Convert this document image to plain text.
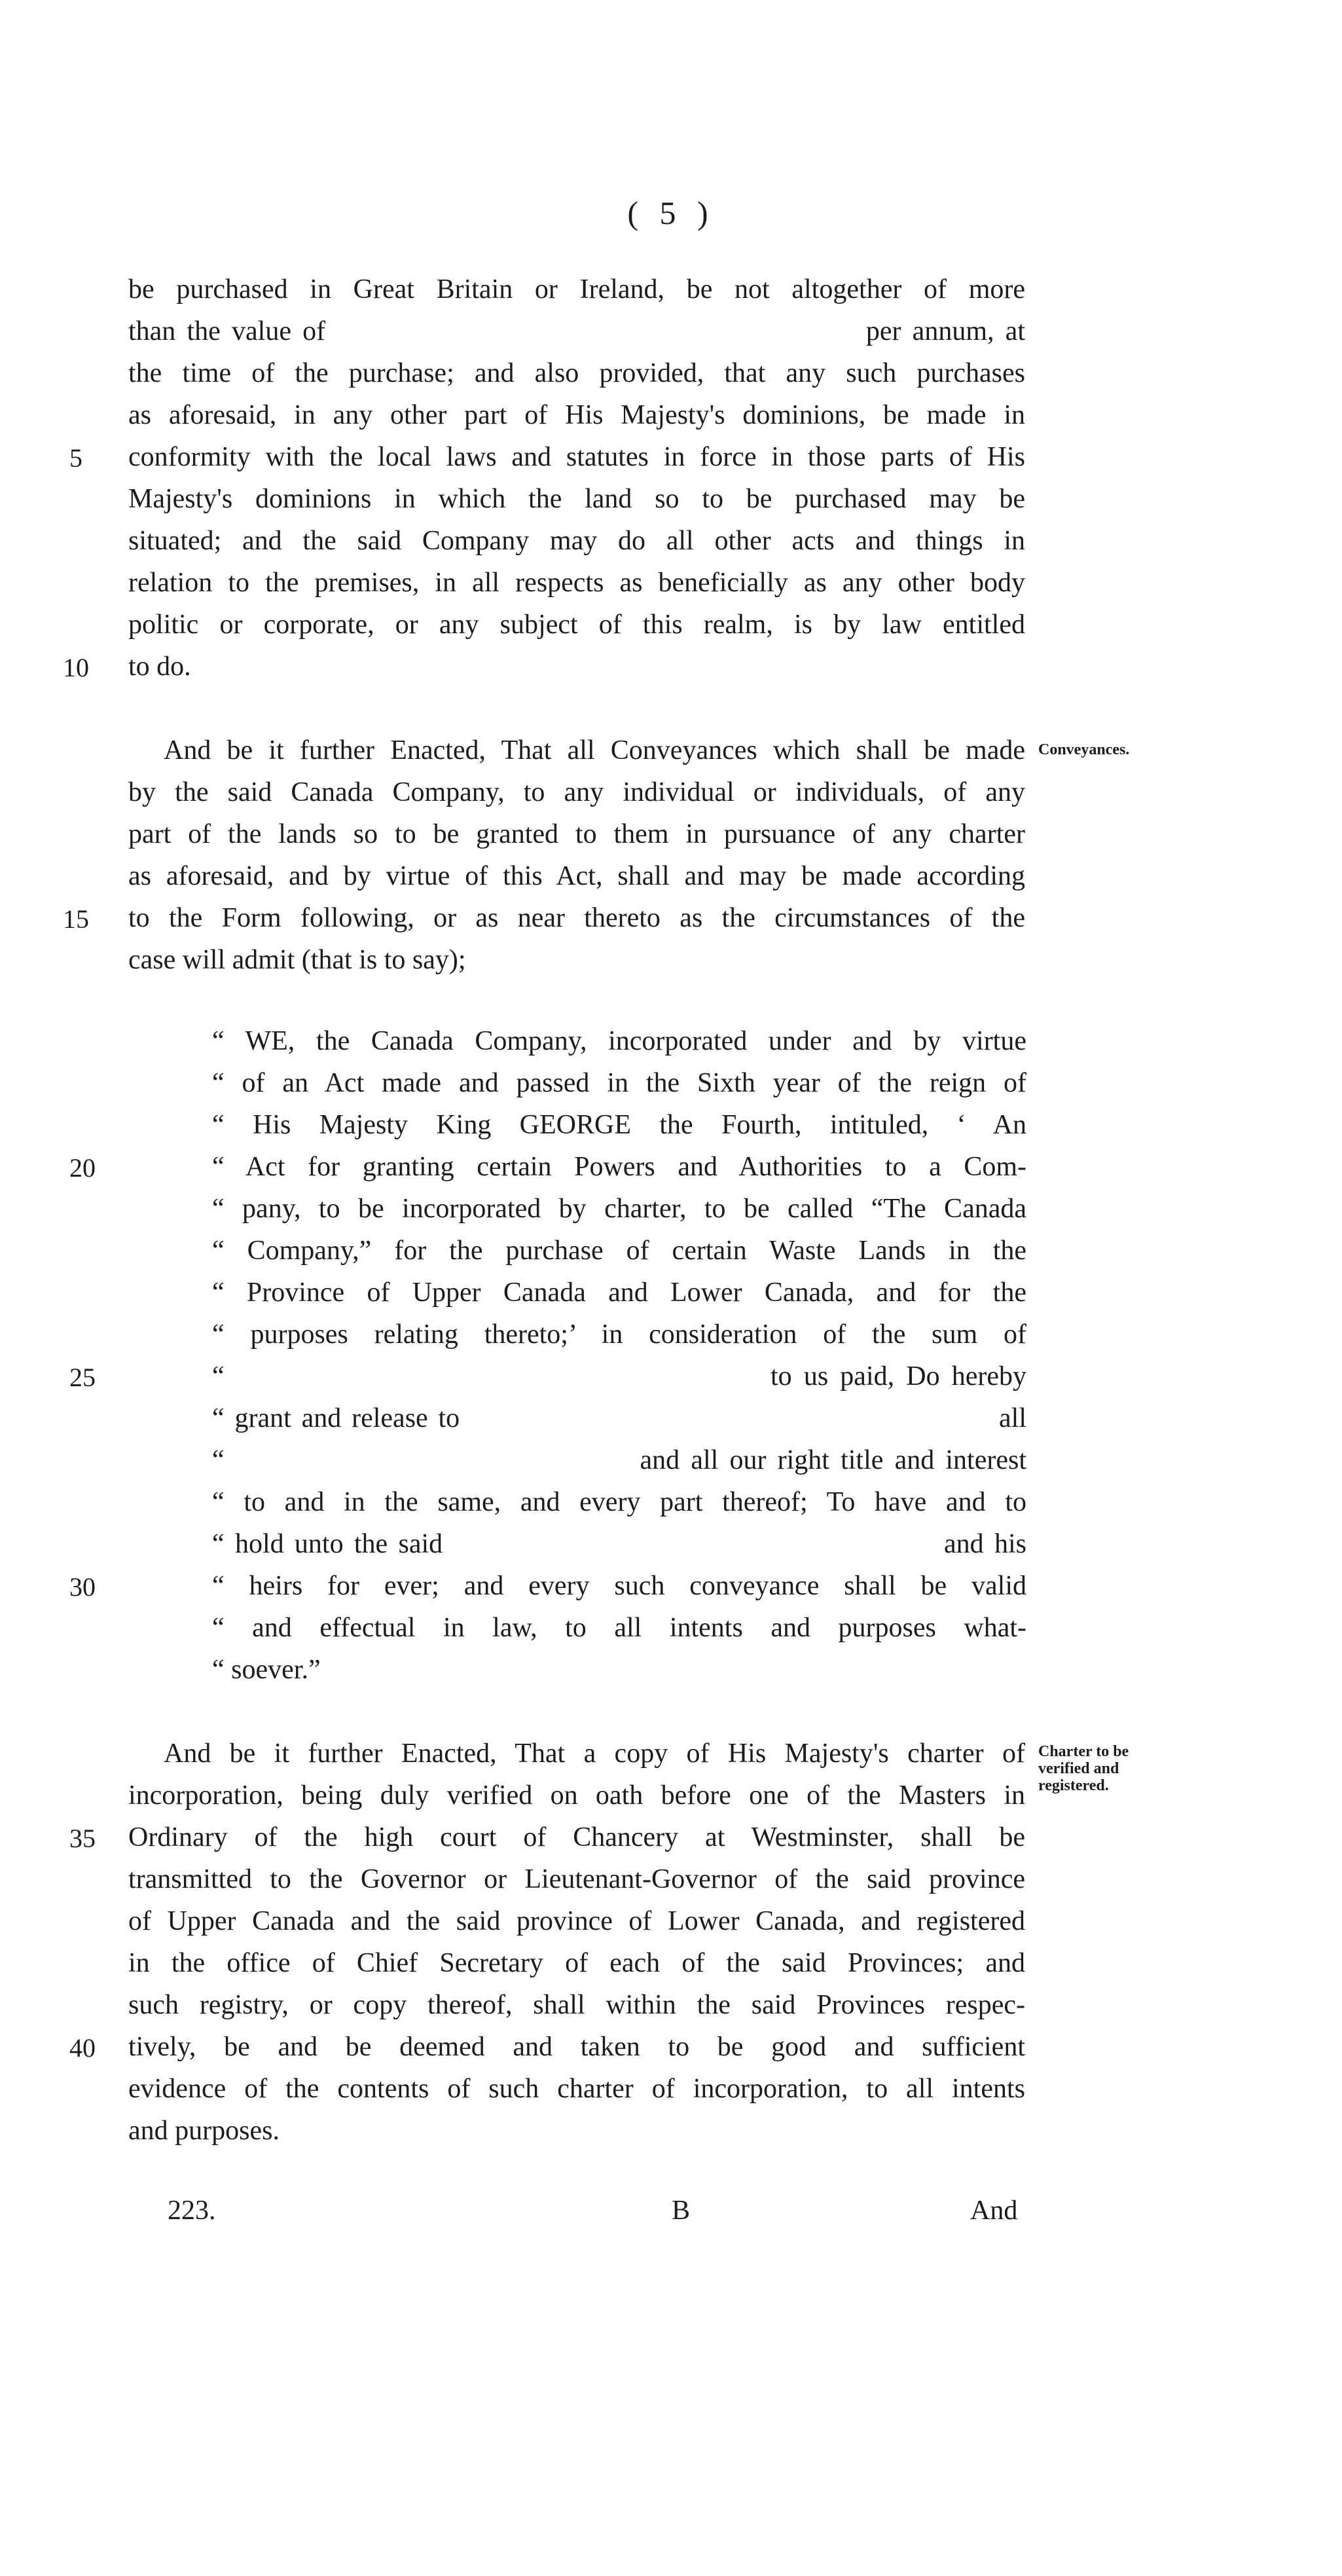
( 5 )
be purchased in Great Britain or Ireland, be not altogether of more
than the value of                                                per annum, at
the time of the purchase; and also provided, that any such purchases
as aforesaid, in any other part of His Majesty's dominions, be made in
conformity with the local laws and statutes in force in those parts of His
Majesty's dominions in which the land so to be purchased may be
situated; and the said Company may do all other acts and things in
relation to the premises, in all respects as beneficially as any other body
politic or corporate, or any subject of this realm, is by law entitled
to do.
And be it further Enacted, That all Conveyances which shall be made
by the said Canada Company, to any individual or individuals, of any
part of the lands so to be granted to them in pursuance of any charter
as aforesaid, and by virtue of this Act, shall and may be made according
to the Form following, or as near thereto as the circumstances of the
case will admit (that is to say);
“ WE, the Canada Company, incorporated under and by virtue
“ of an Act made and passed in the Sixth year of the reign of
“ His Majesty King GEORGE the Fourth, intituled, ‘ An
“ Act for granting certain Powers and Authorities to a Com-
“ pany, to be incorporated by charter, to be called “The Canada
“ Company,” for the purchase of certain Waste Lands in the
“ Province of Upper Canada and Lower Canada, and for the
“ purposes relating thereto;’ in consideration of the sum of
“                                              to us paid, Do hereby
“ grant and release to                                                    all
“                                     and all our right title and interest
“ to and in the same, and every part thereof; To have and to
“ hold unto the said                                               and his
“ heirs for ever; and every such conveyance shall be valid
“ and effectual in law, to all intents and purposes what-
“ soever.”
And be it further Enacted, That a copy of His Majesty's charter of
incorporation, being duly verified on oath before one of the Masters in
Ordinary of the high court of Chancery at Westminster, shall be
transmitted to the Governor or Lieutenant-Governor of the said province
of Upper Canada and the said province of Lower Canada, and registered
in the office of Chief Secretary of each of the said Provinces; and
such registry, or copy thereof, shall within the said Provinces respec-
tively, be and be deemed and taken to be good and sufficient
evidence of the contents of such charter of incorporation, to all intents
and purposes.
5
10
15
20
25
30
35
40
Conveyances.
Charter to be verified and registered.
223.	B	And
